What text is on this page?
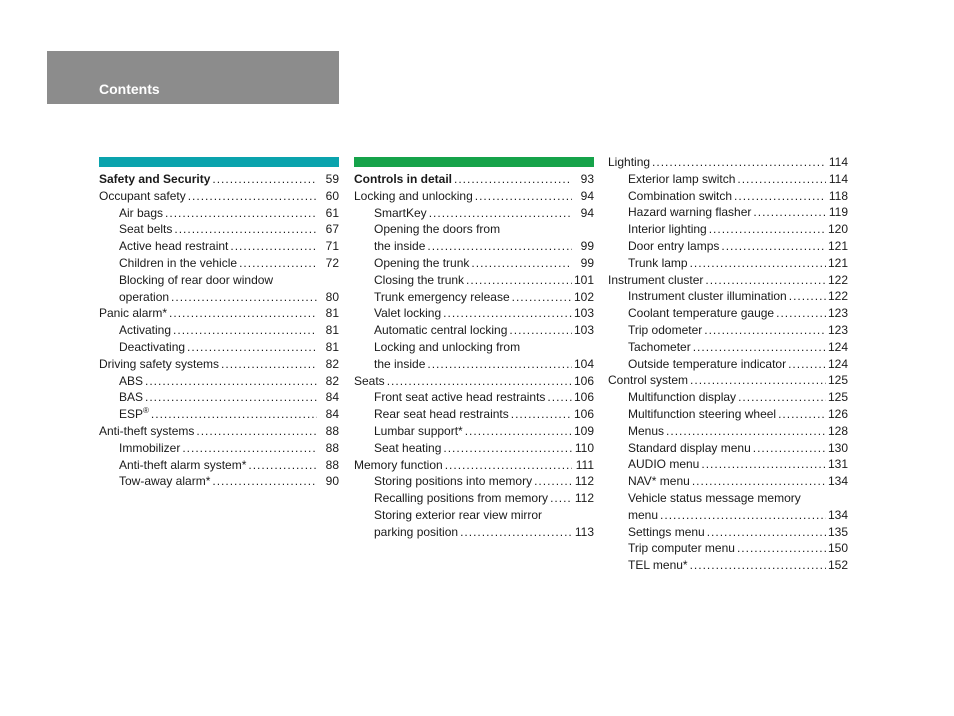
Contents
Safety and Security .....	59
Occupant safety .....	60
Air bags .....	61
Seat belts .....	67
Active head restraint .....	71
Children in the vehicle .....	72
Blocking of rear door window
operation .....	80
Panic alarm* .....	81
Activating .....	81
Deactivating .....	81
Driving safety systems .....	82
ABS .....	82
BAS .....	84
ESP® .....	84
Anti-theft systems .....	88
Immobilizer .....	88
Anti-theft alarm system* .....	88
Tow-away alarm* .....	90
Controls in detail .....	93
Locking and unlocking .....	94
SmartKey .....	94
Opening the doors from
the inside .....	99
Opening the trunk .....	99
Closing the trunk .....	101
Trunk emergency release .....	102
Valet locking .....	103
Automatic central locking .....	103
Locking and unlocking from
the inside .....	104
Seats .....	106
Front seat active head restraints ..... 106
Rear seat head restraints .....	106
Lumbar support* .....	109
Seat heating .....	110
Memory function .....	111
Storing positions into memory .....	112
Recalling positions from memory ..... 112
Storing exterior rear view mirror
parking position .....	113
Lighting .....	114
Exterior lamp switch .....	114
Combination switch .....	118
Hazard warning flasher .....	119
Interior lighting .....	120
Door entry lamps .....	121
Trunk lamp .....	121
Instrument cluster .....	122
Instrument cluster illumination .....	122
Coolant temperature gauge .....	123
Trip odometer .....	123
Tachometer .....	124
Outside temperature indicator .....	124
Control system .....	125
Multifunction display .....	125
Multifunction steering wheel .....	126
Menus .....	128
Standard display menu .....	130
AUDIO menu .....	131
NAV* menu .....	134
Vehicle status message memory
menu .....	134
Settings menu .....	135
Trip computer menu .....	150
TEL menu* .....	152
